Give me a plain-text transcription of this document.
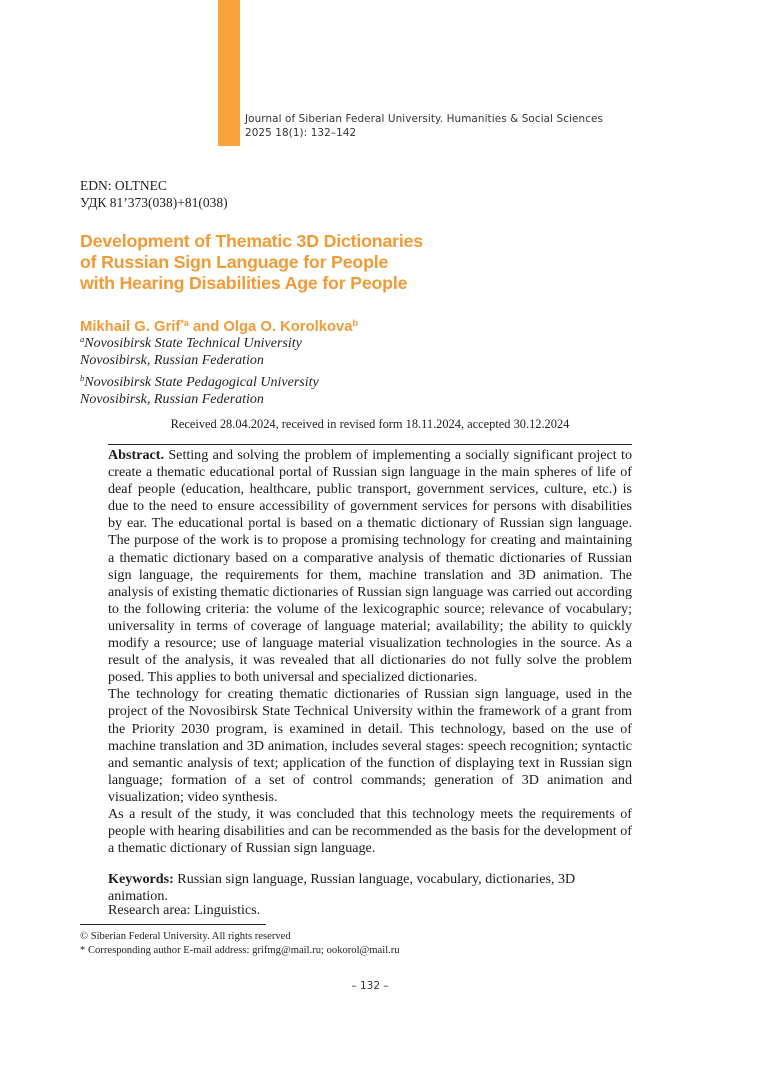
Journal of Siberian Federal University. Humanities & Social Sciences
2025 18(1): 132–142
EDN: OLTNEC
УДК 81’373(038)+81(038)
Development of Thematic 3D Dictionaries
of Russian Sign Language for People
with Hearing Disabilities Age for People
Mikhail G. Grif$^{*a}$ and Olga O. Korolkova$^b$
$^a$Novosibirsk State Technical University
Novosibirsk, Russian Federation
$^b$Novosibirsk State Pedagogical University
Novosibirsk, Russian Federation
Received 28.04.2024, received in revised form 18.11.2024, accepted 30.12.2024

Abstract. Setting and solving the problem of implementing a socially significant project to create a thematic educational portal of Russian sign language in the main spheres of life of deaf people (education, healthcare, public transport, government services, culture, etc.) is due to the need to ensure accessibility of government services for persons with disabilities by ear. The educational portal is based on a thematic dictionary of Russian sign language. The purpose of the work is to propose a promising technology for creating and maintaining a thematic dictionary based on a comparative analysis of thematic dictionaries of Russian sign language, the requirements for them, machine translation and 3D animation. The analysis of existing thematic dictionaries of Russian sign language was carried out according to the following criteria: the volume of the lexicographic source; relevance of vocabulary; universality in terms of coverage of language material; availability; the ability to quickly modify a resource; use of language material visualization technologies in the source. As a result of the analysis, it was revealed that all dictionaries do not fully solve the problem posed. This applies to both universal and specialized dictionaries.

The technology for creating thematic dictionaries of Russian sign language, used in the project of the Novosibirsk State Technical University within the framework of a grant from the Priority 2030 program, is examined in detail. This technology, based on the use of machine translation and 3D animation, includes several stages: speech recognition; syntactic and semantic analysis of text; application of the function of displaying text in Russian sign language; formation of a set of control commands; generation of 3D animation and visualization; video synthesis.

As a result of the study, it was concluded that this technology meets the requirements of people with hearing disabilities and can be recommended as the basis for the development of a thematic dictionary of Russian sign language.

Keywords: Russian sign language, Russian language, vocabulary, dictionaries, 3D animation.
Research area: Linguistics.
© Siberian Federal University. All rights reserved
* Corresponding author E-mail address: grifmg@mail.ru; ookorol@mail.ru
– 132 –
